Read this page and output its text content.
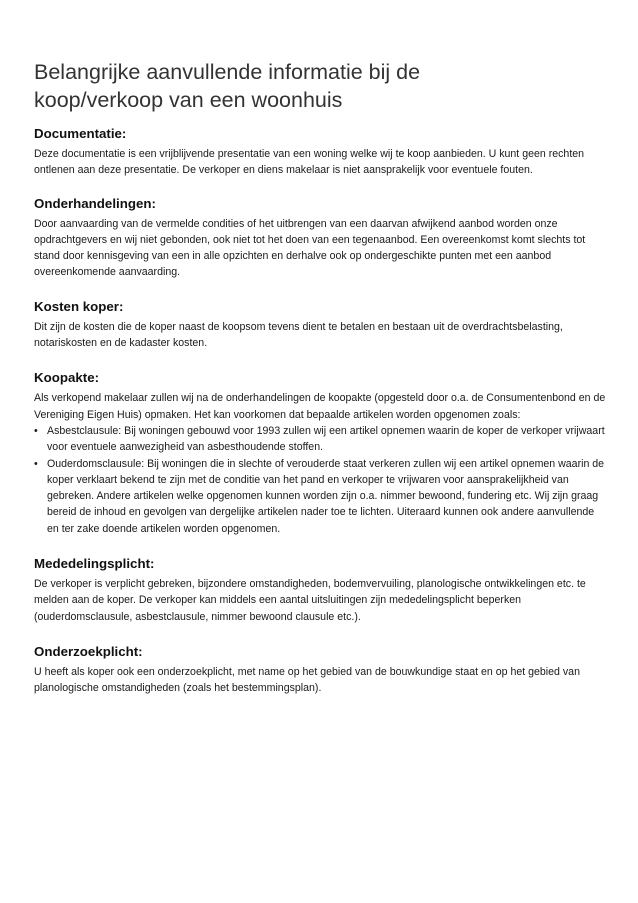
Belangrijke aanvullende informatie bij de
koop/verkoop van een woonhuis
Documentatie:

Deze documentatie is een vrijblijvende presentatie van een woning welke wij te koop aanbieden. U kunt geen rechten ontlenen aan deze presentatie. De verkoper en diens makelaar is niet aansprakelijk voor eventuele fouten.

Onderhandelingen:

Door aanvaarding van de vermelde condities of het uitbrengen van een daarvan afwijkend aanbod worden onze opdrachtgevers en wij niet gebonden, ook niet tot het doen van een tegenaanbod. Een overeenkomst komt slechts tot stand door kennisgeving van een in alle opzichten en derhalve ook op ondergeschikte punten met een aanbod overeenkomende aanvaarding.

Kosten koper:

Dit zijn de kosten die de koper naast de koopsom tevens dient te betalen en bestaan uit de overdrachtsbelasting, notariskosten en de kadaster kosten.

Koopakte:

Als verkopend makelaar zullen wij na de onderhandelingen de koopakte (opgesteld door o.a. de Consumentenbond en de Vereniging Eigen Huis) opmaken. Het kan voorkomen dat bepaalde artikelen worden opgenomen zoals:

• Asbestclausule: Bij woningen gebouwd voor 1993 zullen wij een artikel opnemen waarin de koper de verkoper vrijwaart voor eventuele aanwezigheid van asbesthoudende stoffen.
• Ouderdomsclausule: Bij woningen die in slechte of verouderde staat verkeren zullen wij een artikel opnemen waarin de koper verklaart bekend te zijn met de conditie van het pand en verkoper te vrijwaren voor aansprakelijkheid van gebreken. Andere artikelen welke opgenomen kunnen worden zijn o.a. nimmer bewoond, fundering etc. Wij zijn graag bereid de inhoud en gevolgen van dergelijke artikelen nader toe te lichten. Uiteraard kunnen ook andere aanvullende en ter zake doende artikelen worden opgenomen.
Mededelingsplicht:

De verkoper is verplicht gebreken, bijzondere omstandigheden, bodemvervuiling, planologische ontwikkelingen etc. te melden aan de koper. De verkoper kan middels een aantal uitsluitingen zijn mededelingsplicht beperken (ouderdomsclausule, asbestclausule, nimmer bewoond clausule etc.).

Onderzoekplicht:

U heeft als koper ook een onderzoekplicht, met name op het gebied van de bouwkundige staat en op het gebied van planologische omstandigheden (zoals het bestemmingsplan).
